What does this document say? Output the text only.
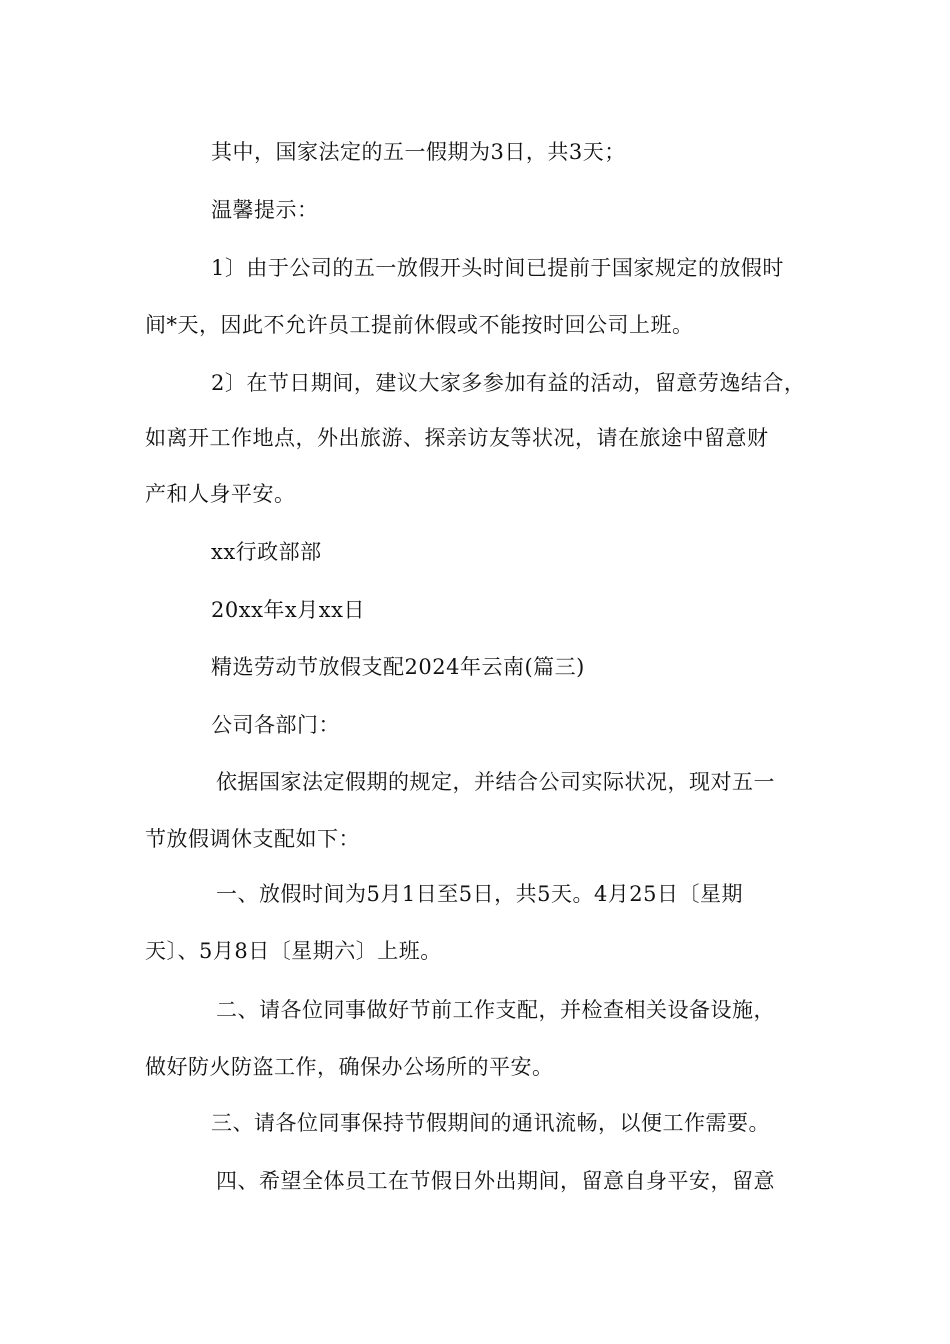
其中，国家法定的五一假期为3日，共3天；
温馨提示：
1〕由于公司的五一放假开头时间已提前于国家规定的放假时
间*天，因此不允许员工提前休假或不能按时回公司上班。
2〕在节日期间，建议大家多参加有益的活动，留意劳逸结合，
如离开工作地点，外出旅游、探亲访友等状况，请在旅途中留意财
产和人身平安。
xx行政部部
20xx年x月xx日
精选劳动节放假支配2024年云南(篇三)
公司各部门：
依据国家法定假期的规定，并结合公司实际状况，现对五一
节放假调休支配如下：
一、放假时间为5月1日至5日，共5天。4月25日〔星期
天〕、5月8日〔星期六〕上班。
二、请各位同事做好节前工作支配，并检查相关设备设施，
做好防火防盗工作，确保办公场所的平安。
三、请各位同事保持节假期间的通讯流畅，以便工作需要。
四、希望全体员工在节假日外出期间，留意自身平安，留意
